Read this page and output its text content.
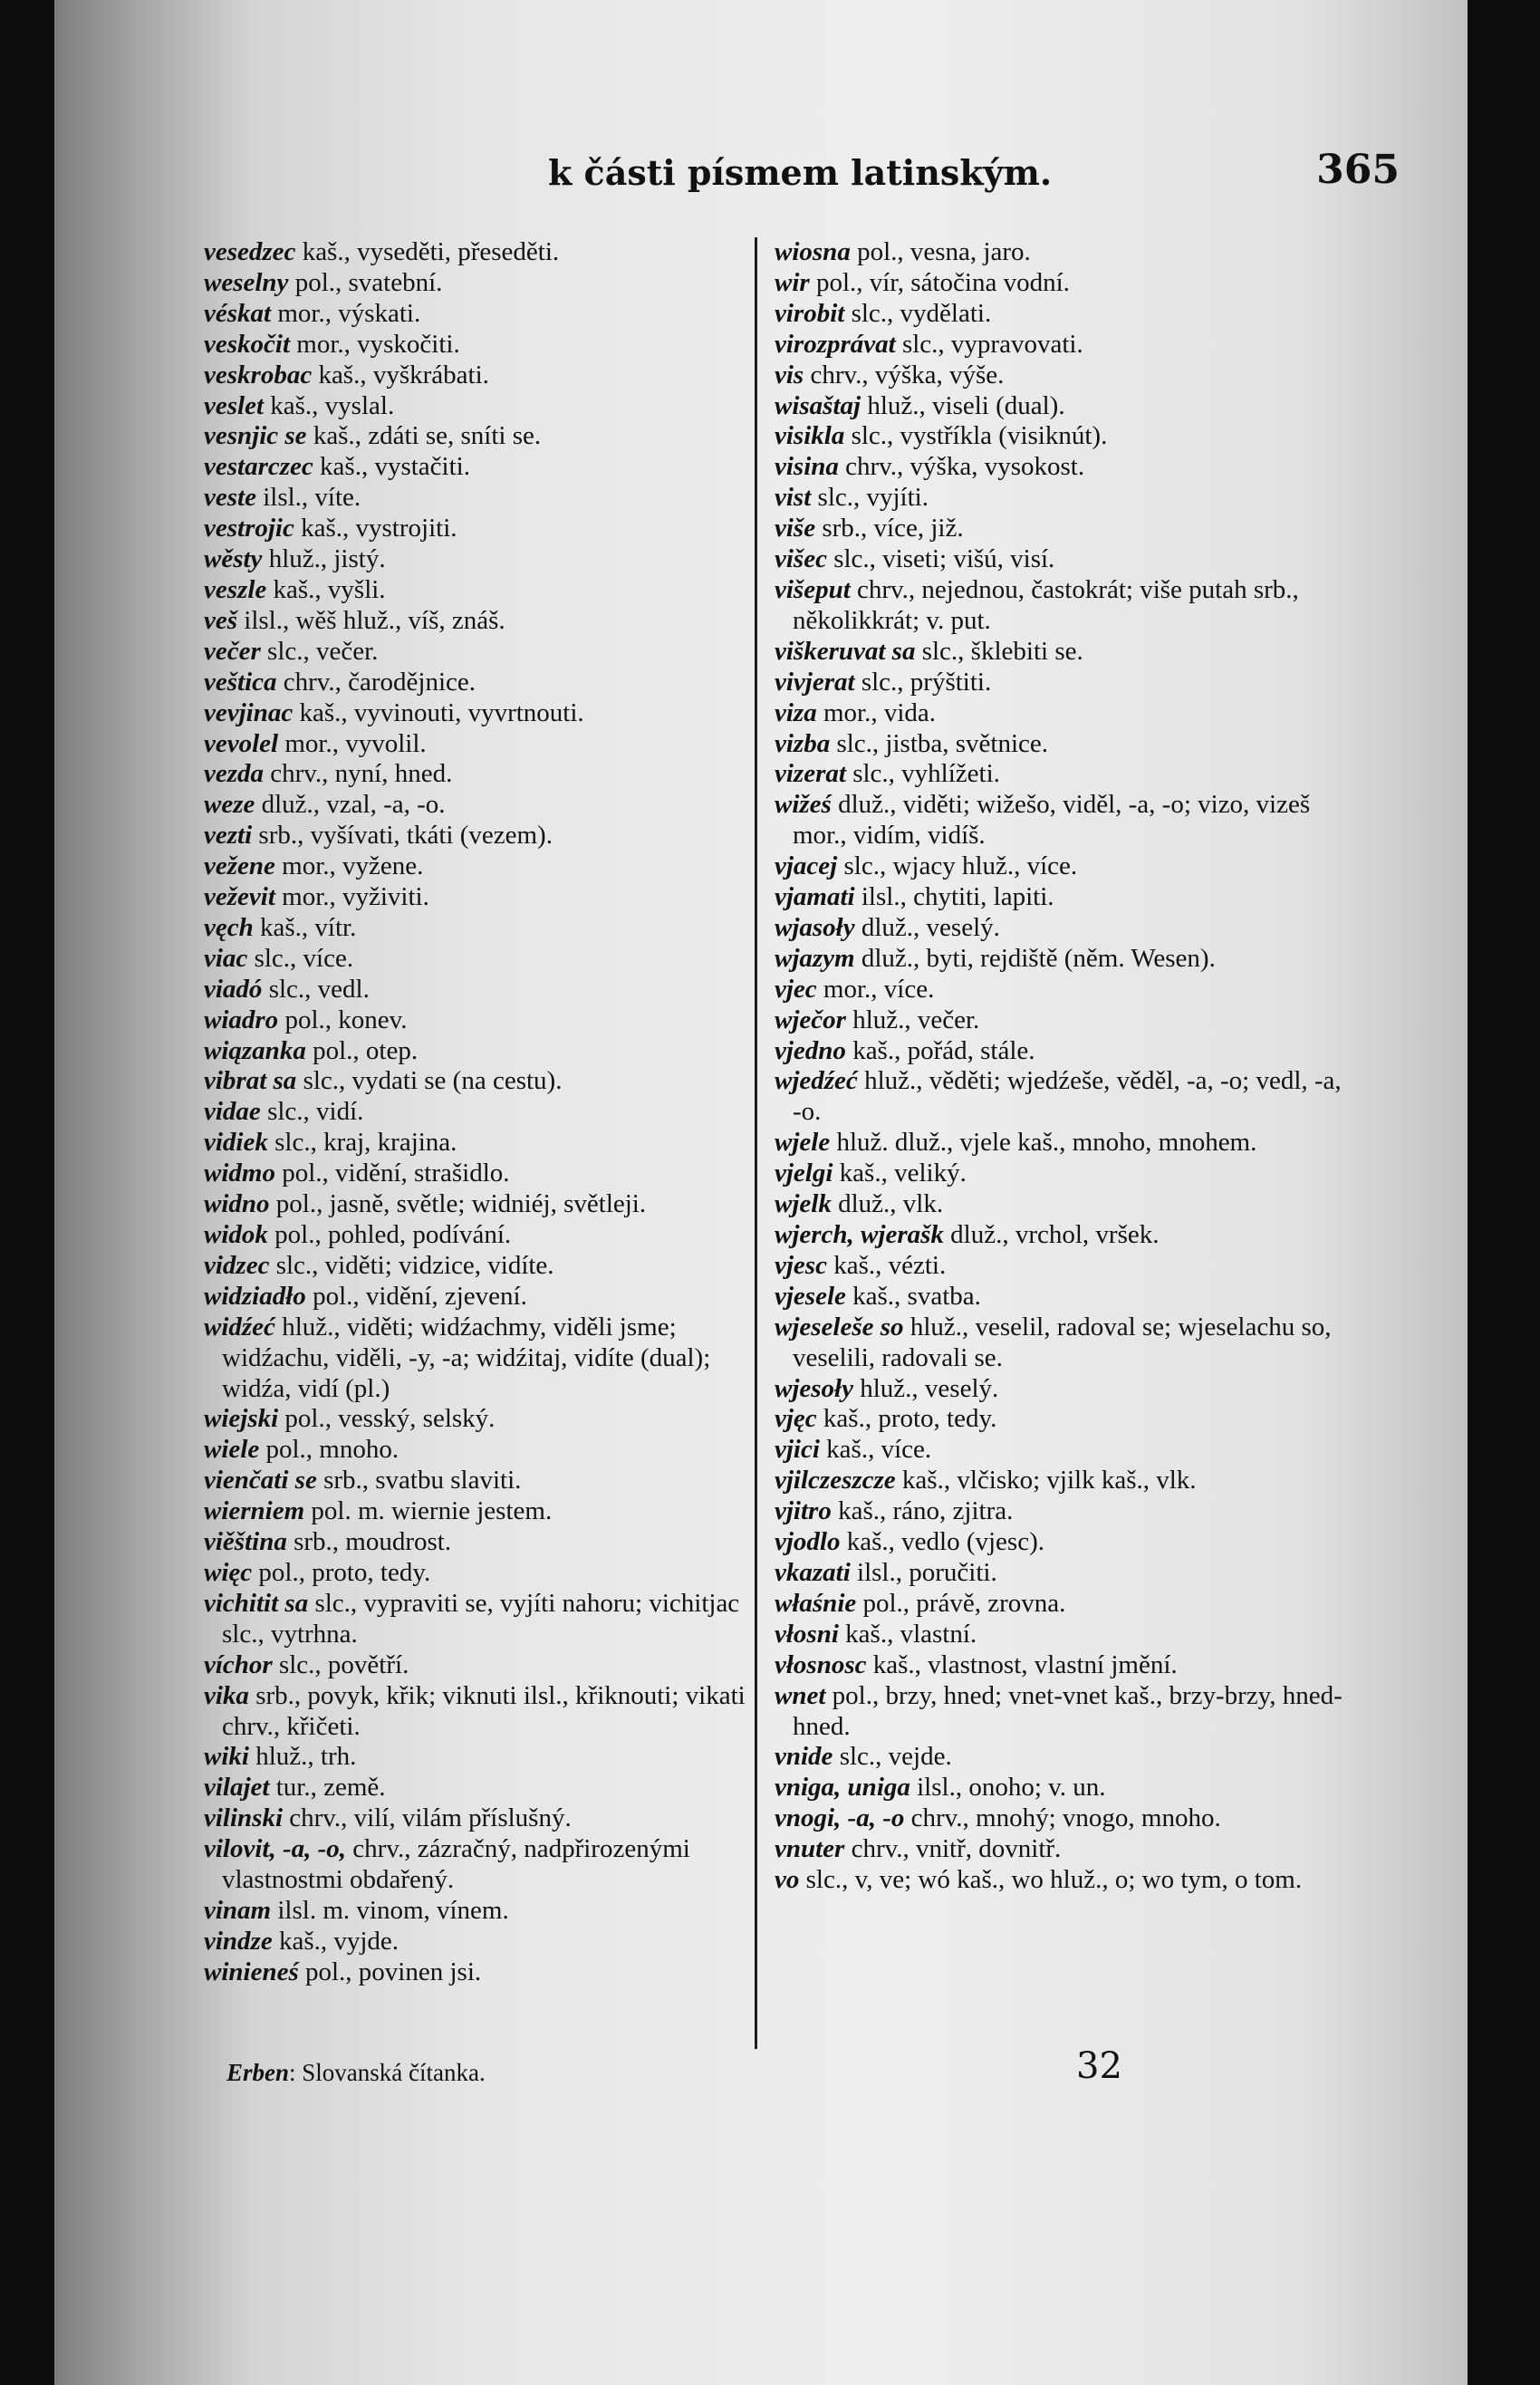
k části písmem latinským.	365

vesedzec kaš., vyseděti, přeseděti.

weselny pol., svatební.

véskat mor., výskati.

veskočit mor., vyskočiti.

veskrobac kaš., vyškrábati.

veslet kaš., vyslal.

vesnjic se kaš., zdáti se, sníti se.

vestarczec kaš., vystačiti.

veste ilsl., víte.

vestrojic kaš., vystrojiti.

wěsty hluž., jistý.

veszle kaš., vyšli.

veš ilsl., wěš hluž., víš, znáš.

večer slc., večer.

veštica chrv., čarodějnice.

vevjinac kaš., vyvinouti, vyvrtnouti.

vevolel mor., vyvolil.

vezda chrv., nyní, hned.

weze dluž., vzal, -a, -o.

vezti srb., vyšívati, tkáti (vezem).

vežene mor., vyžene.

veževit mor., vyživiti.

vęch kaš., vítr.

viac slc., více.

viadó slc., vedl.

wiadro pol., konev.

wiązanka pol., otep.

vibrat sa slc., vydati se (na cestu).

vidae slc., vidí.

vidiek slc., kraj, krajina.

widmo pol., vidění, strašidlo.

widno pol., jasně, světle; widniéj, světleji.

widok pol., pohled, podívání.

vidzec slc., viděti; vidzice, vidíte.

widziadło pol., vidění, zjevení.

widźeć hluž., viděti; widźachmy, viděli jsme; widźachu, viděli, -y, -a; widźitaj, vidíte (dual); widźa, vidí (pl.)

wiejski pol., vesský, selský.

wiele pol., mnoho.

vienčati se srb., svatbu slaviti.

wierniem pol. m. wiernie jestem.

viěština srb., moudrost.

więc pol., proto, tedy.

vichitit sa slc., vypraviti se, vyjíti nahoru; vichitjac slc., vytrhna.

víchor slc., povětří.

vika srb., povyk, křik; viknuti ilsl., křiknouti; vikati chrv., křičeti.

wiki hluž., trh.

vilajet tur., země.

vilinski chrv., vilí, vilám příslušný.

vilovit, -a, -o, chrv., zázračný, nadpřirozenými vlastnostmi obdařený.

vinam ilsl. m. vinom, vínem.

vindze kaš., vyjde.

winieneś pol., povinen jsi.

wiosna pol., vesna, jaro.

wir pol., vír, sátočina vodní.

virobit slc., vydělati.

virozprávat slc., vypravovati.

vis chrv., výška, výše.

wisaštaj hluž., viseli (dual).

visikla slc., vystříkla (visiknút).

visina chrv., výška, vysokost.

vist slc., vyjíti.

više srb., více, již.

višec slc., viseti; višú, visí.

višeput chrv., nejednou, častokrát; više putah srb., několikkrát; v. put.

viškeruvat sa slc., šklebiti se.

vivjerat slc., prýštiti.

viza mor., vida.

vizba slc., jistba, světnice.

vizerat slc., vyhlížeti.

wižeś dluž., viděti; wižešo, viděl, -a, -o; vizo, vizeš mor., vidím, vidíš.

vjacej slc., wjacy hluž., více.

vjamati ilsl., chytiti, lapiti.

wjasoły dluž., veselý.

wjazym dluž., byti, rejdiště (něm. Wesen).

vjec mor., více.

wječor hluž., večer.

vjedno kaš., pořád, stále.

wjedźeć hluž., věděti; wjedźeše, věděl, -a, -o; vedl, -a, -o.

wjele hluž. dluž., vjele kaš., mnoho, mnohem.

vjelgi kaš., veliký.

wjelk dluž., vlk.

wjerch, wjerašk dluž., vrchol, vršek.

vjesc kaš., vézti.

vjesele kaš., svatba.

wjeseleše so hluž., veselil, radoval se; wjeselachu so, veselili, radovali se.

wjesoły hluž., veselý.

vjęc kaš., proto, tedy.

vjici kaš., více.

vjilczeszcze kaš., vlčisko; vjilk kaš., vlk.

vjitro kaš., ráno, zjitra.

vjodlo kaš., vedlo (vjesc).

vkazati ilsl., poručiti.

właśnie pol., právě, zrovna.

vłosni kaš., vlastní.

vłosnosc kaš., vlastnost, vlastní jmění.

wnet pol., brzy, hned; vnet-vnet kaš., brzy-brzy, hned-hned.

vnide slc., vejde.

vniga, uniga ilsl., onoho; v. un.

vnogi, -a, -o chrv., mnohý; vnogo, mnoho.

vnuter chrv., vnitř, dovnitř.

vo slc., v, ve; wó kaš., wo hluž., o; wo tym, o tom.

Erben: Slovanská čítanka.	32
